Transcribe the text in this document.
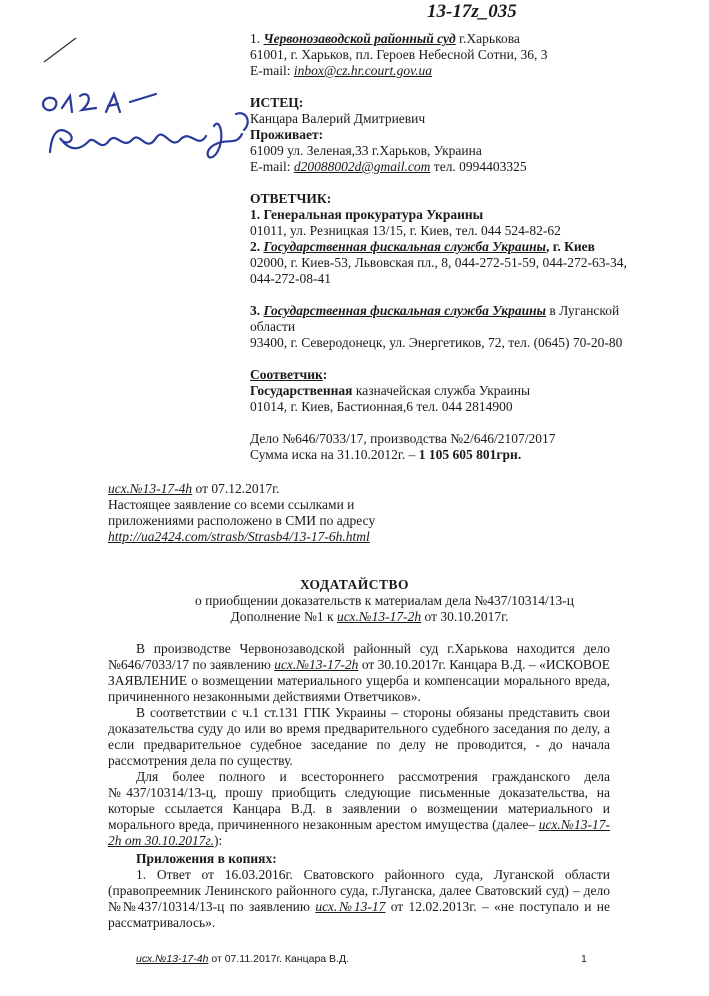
13-17z_035
1. Червонозаводской районный суд г.Харькова
61001, г. Харьков, пл. Героев Небесной Сотни, 36, 3
E-mail: inbox@cz.hr.court.gov.ua
ИСТЕЦ:
Канцара Валерий Дмитриевич
Проживает:
61009 ул. Зеленая,33 г.Харьков, Украина
E-mail: d20088002d@gmail.com тел. 0994403325
ОТВЕТЧИК:
1. Генеральная прокуратура Украины
01011, ул. Резницкая 13/15, г. Киев, тел. 044 524-82-62
2. Государственная фискальная служба Украины, г. Киев
02000, г. Киев-53, Львовская пл., 8, 044-272-51-59, 044-272-63-34,
044-272-08-41
3. Государственная фискальная служба Украины в Луганской
области
93400, г. Северодонецк, ул. Энергетиков, 72, тел. (0645) 70-20-80
Соответчик:
Государственная казначейская служба Украины
01014, г. Киев, Бастионная,6 тел. 044 2814900
Дело №646/7033/17, производства №2/646/2107/2017
Сумма иска на 31.10.2012г. – 1 105 605 801грн.
исх.№13-17-4h от 07.12.2017г.
Настоящее заявление со всеми ссылками и
приложениями расположено в СМИ по адресу
http://ua2424.com/strasb/Strasb4/13-17-6h.html
ХОДАТАЙСТВО
о приобщении доказательств к материалам дела №437/10314/13-ц
Дополнение №1 к исх.№13-17-2h от 30.10.2017г.
В производстве Червонозаводской районный суд г.Харькова находится дело №646/7033/17 по заявлению исх.№13-17-2h от 30.10.2017г. Канцара В.Д. – «ИСКОВОЕ ЗАЯВЛЕНИЕ о возмещении материального ущерба и компенсации морального вреда, причиненного незаконными действиями Ответчиков».
В соответствии с ч.1 ст.131 ГПК Украины – стороны обязаны представить свои доказательства суду до или во время предварительного судебного заседания по делу, а если предварительное судебное заседание по делу не проводится, - до начала рассмотрения дела по существу.
Для более полного и всестороннего рассмотрения гражданского дела №437/10314/13-ц, прошу приобщить следующие письменные доказательства, на которые ссылается Канцара В.Д. в заявлении о возмещении материального и морального вреда, причиненного незаконным арестом имущества (далее– исх.№13-17-2h от 30.10.2017г.):
Приложения в копиях:
1. Ответ от 16.03.2016г. Сватовского районного суда, Луганской области (правопреемник Ленинского районного суда, г.Луганска, далее Сватовский суд) – дело №№437/10314/13-ц по заявлению исх.№13-17 от 12.02.2013г. – «не поступало и не рассматривалось».
исх.№13-17-4h от 07.11.2017г. Канцара В.Д.	1
